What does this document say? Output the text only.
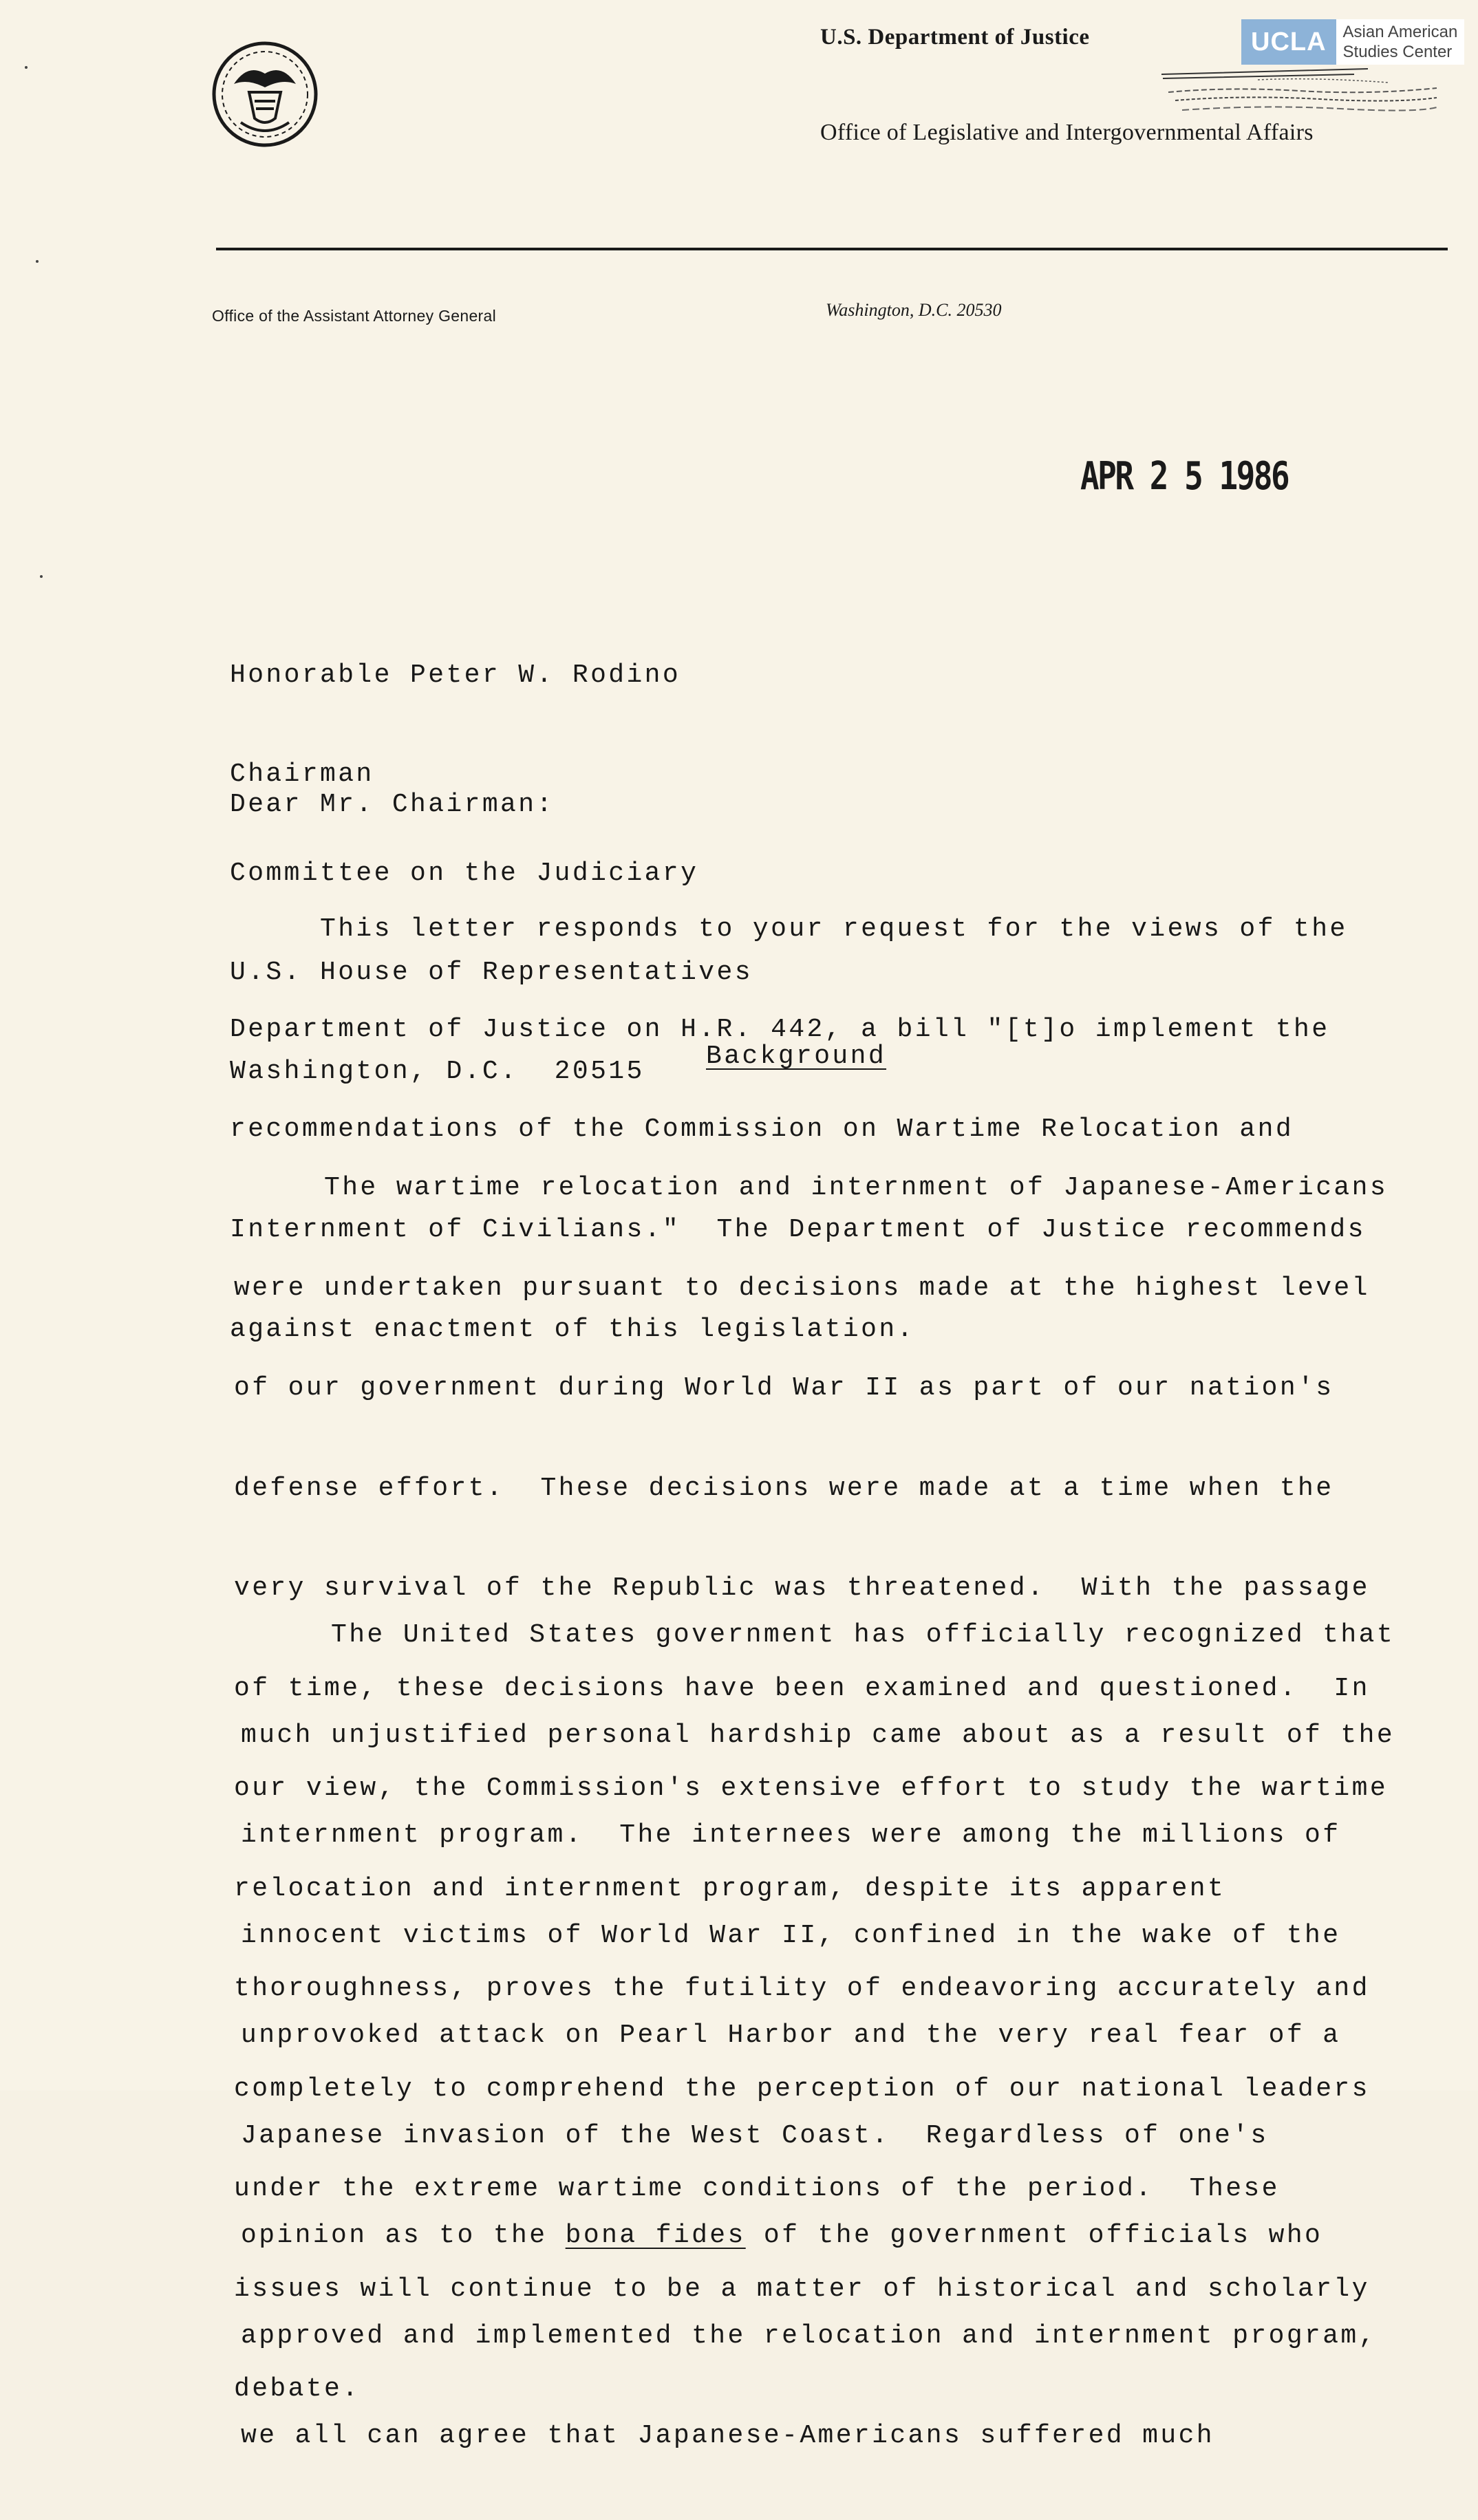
U.S. Department of Justice
Office of Legislative and Intergovernmental Affairs
UCLA	Asian American
Studies Center
Office of the Assistant Attorney General	Washington, D.C. 20530
APR 2 5 1986

Honorable Peter W. Rodino

Chairman

Committee on the Judiciary

U.S. House of Representatives

Washington, D.C.  20515

Dear Mr. Chairman:

This letter responds to your request for the views of the

Department of Justice on H.R. 442, a bill "[t]o implement the

recommendations of the Commission on Wartime Relocation and

Internment of Civilians."  The Department of Justice recommends

against enactment of this legislation.

Background

The wartime relocation and internment of Japanese-Americans

were undertaken pursuant to decisions made at the highest level

of our government during World War II as part of our nation's

defense effort.  These decisions were made at a time when the

very survival of the Republic was threatened.  With the passage

of time, these decisions have been examined and questioned.  In

our view, the Commission's extensive effort to study the wartime

relocation and internment program, despite its apparent

thoroughness, proves the futility of endeavoring accurately and

completely to comprehend the perception of our national leaders

under the extreme wartime conditions of the period.  These

issues will continue to be a matter of historical and scholarly

debate.

The United States government has officially recognized that

much unjustified personal hardship came about as a result of the

internment program.  The internees were among the millions of

innocent victims of World War II, confined in the wake of the

unprovoked attack on Pearl Harbor and the very real fear of a

Japanese invasion of the West Coast.  Regardless of one's

opinion as to the bona fides of the government officials who

approved and implemented the relocation and internment program,

we all can agree that Japanese-Americans suffered much
